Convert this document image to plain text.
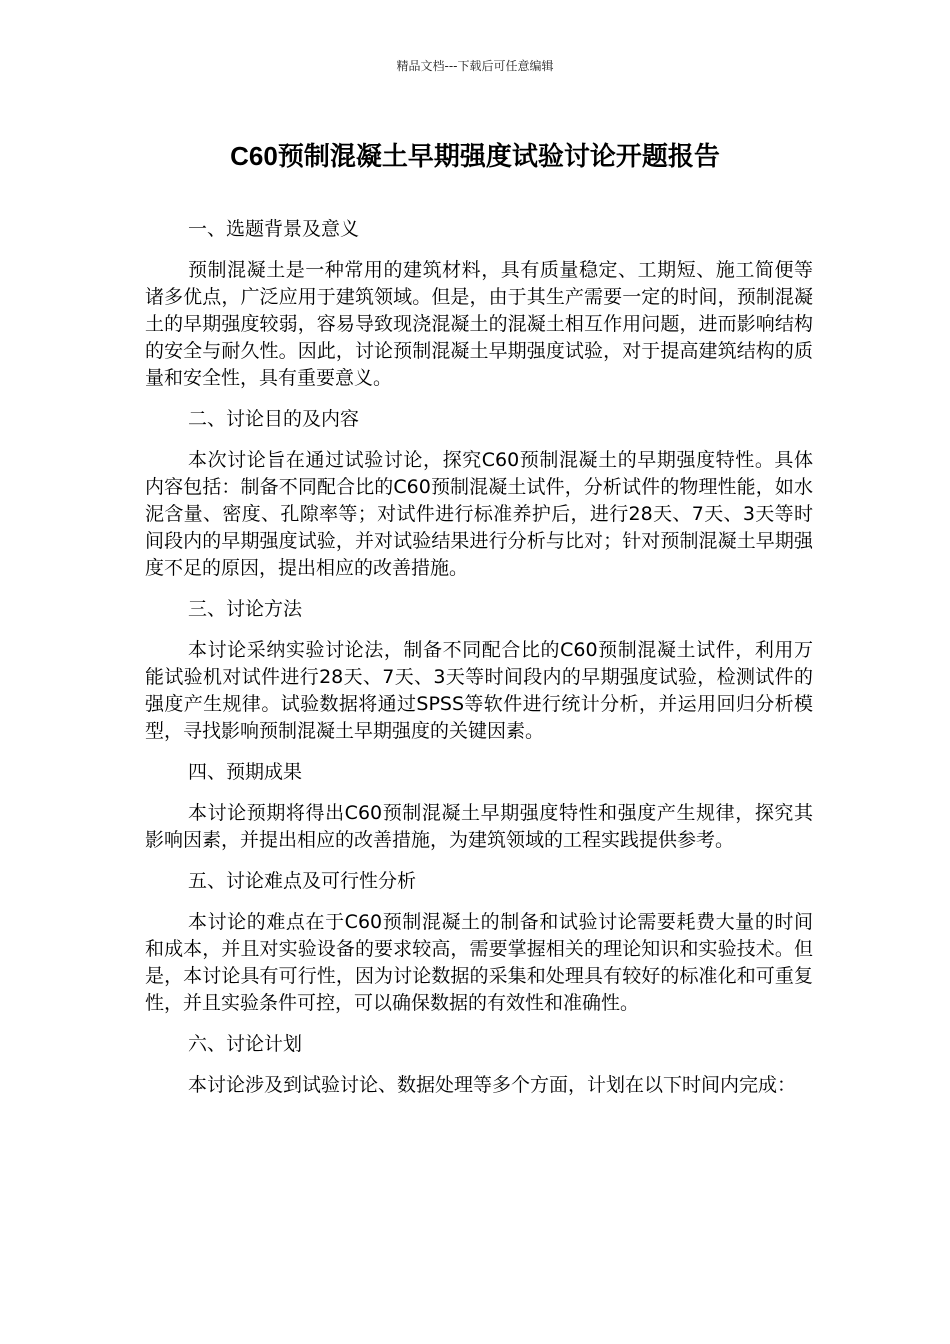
精品文档---下载后可任意编辑
C60预制混凝土早期强度试验讨论开题报告
一、选题背景及意义

预制混凝土是一种常用的建筑材料，具有质量稳定、工期短、施工简便等诸多优点，广泛应用于建筑领域。但是，由于其生产需要一定的时间，预制混凝土的早期强度较弱，容易导致现浇混凝土的混凝土相互作用问题，进而影响结构的安全与耐久性。因此，讨论预制混凝土早期强度试验，对于提高建筑结构的质量和安全性，具有重要意义。

二、讨论目的及内容

本次讨论旨在通过试验讨论，探究C60预制混凝土的早期强度特性。具体内容包括：制备不同配合比的C60预制混凝土试件，分析试件的物理性能，如水泥含量、密度、孔隙率等；对试件进行标准养护后，进行28天、7天、3天等时间段内的早期强度试验，并对试验结果进行分析与比对；针对预制混凝土早期强度不足的原因，提出相应的改善措施。

三、讨论方法

本讨论采纳实验讨论法，制备不同配合比的C60预制混凝土试件，利用万能试验机对试件进行28天、7天、3天等时间段内的早期强度试验，检测试件的强度产生规律。试验数据将通过SPSS等软件进行统计分析，并运用回归分析模型，寻找影响预制混凝土早期强度的关键因素。

四、预期成果

本讨论预期将得出C60预制混凝土早期强度特性和强度产生规律，探究其影响因素，并提出相应的改善措施，为建筑领域的工程实践提供参考。

五、讨论难点及可行性分析

本讨论的难点在于C60预制混凝土的制备和试验讨论需要耗费大量的时间和成本，并且对实验设备的要求较高，需要掌握相关的理论知识和实验技术。但是，本讨论具有可行性，因为讨论数据的采集和处理具有较好的标准化和可重复性，并且实验条件可控，可以确保数据的有效性和准确性。

六、讨论计划

本讨论涉及到试验讨论、数据处理等多个方面，计划在以下时间内完成：
